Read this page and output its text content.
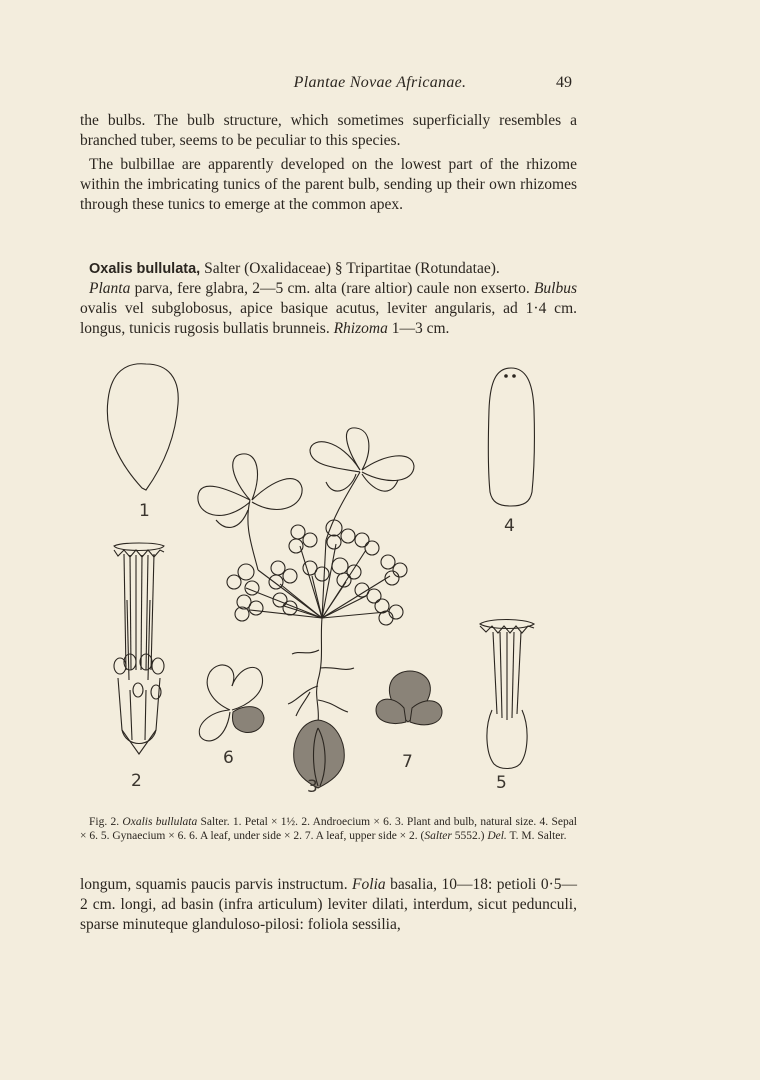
Plantae Novae Africanae.	49

the bulbs. The bulb structure, which sometimes superficially resembles a branched tuber, seems to be peculiar to this species.

The bulbillae are apparently developed on the lowest part of the rhizome within the imbricating tunics of the parent bulb, sending up their own rhizomes through these tunics to emerge at the common apex.

Oxalis bullulata, Salter (Oxalidaceae) § Tripartitae (Rotundatae).

Planta parva, fere glabra, 2—5 cm. alta (rare altior) caule non exserto. Bulbus ovalis vel subglobosus, apice basique acutus, leviter angularis, ad 1·4 cm. longus, tunicis rugosis bullatis brunneis. Rhizoma 1—3 cm.

1
4
2	3
6	7
5

Fig. 2. Oxalis bullulata Salter. 1. Petal × 1½. 2. Androecium × 6. 3. Plant and bulb, natural size. 4. Sepal × 6. 5. Gynaecium × 6. 6. A leaf, under side × 2. 7. A leaf, upper side × 2. (Salter 5552.) Del. T. M. Salter.

longum, squamis paucis parvis instructum. Folia basalia, 10—18: petioli 0·5—2 cm. longi, ad basin (infra articulum) leviter dilati, interdum, sicut pedunculi, sparse minuteque glanduloso-pilosi: foliola sessilia,
